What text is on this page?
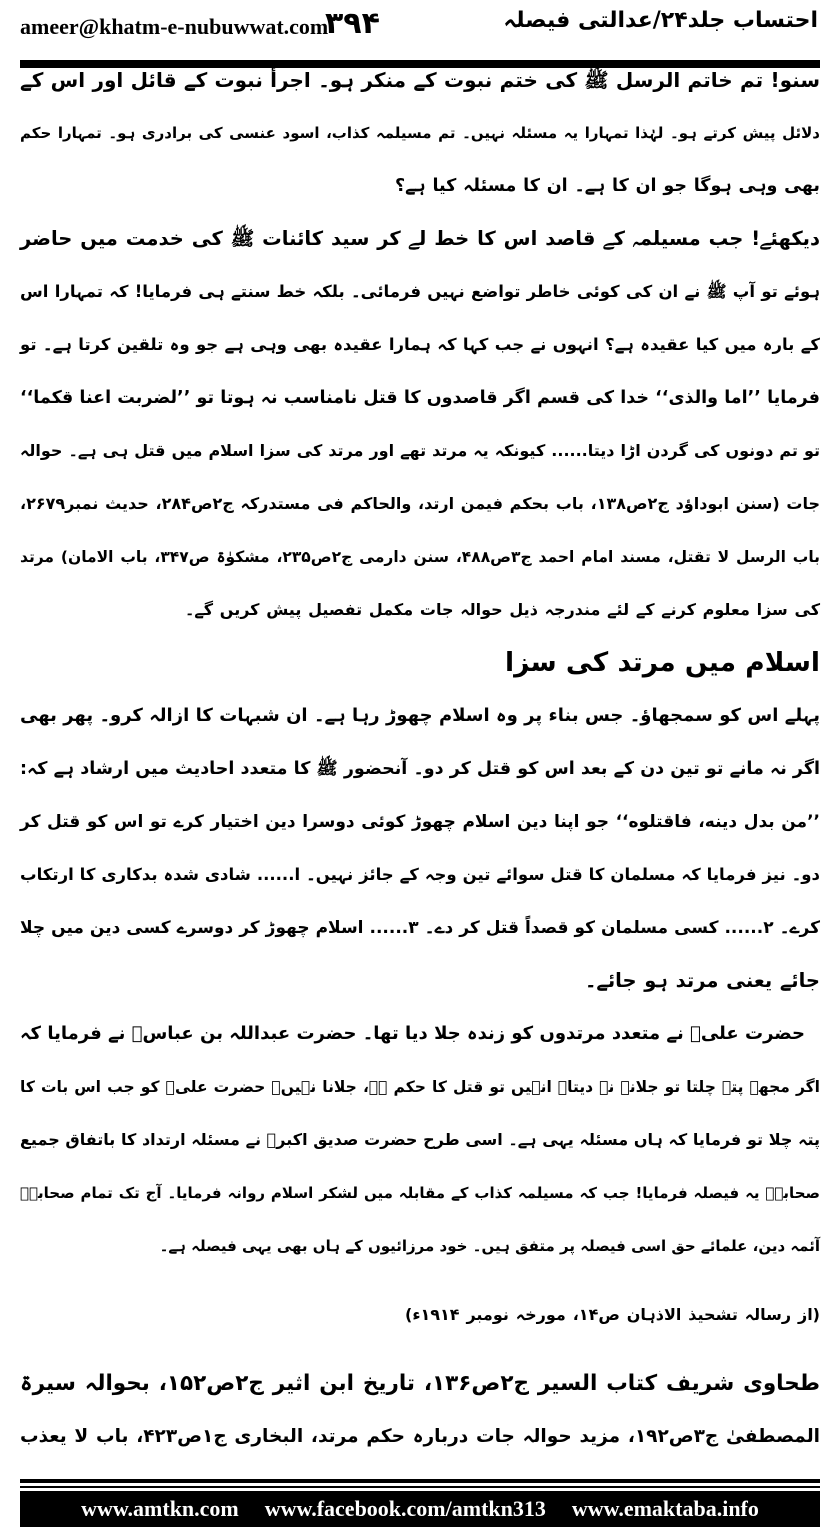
ameer@khatm-e-nubuwwat.com
۳۹۴	احتساب جلد۲۴/عدالتی فیصلہ
سنو! تم خاتم الرسل ﷺ کی ختم نبوت کے منکر ہو۔ اجرأ نبوت کے قائل اور اس کے
دلائل پیش کرتے ہو۔ لہٰذا تمہارا یہ مسئلہ نہیں۔ تم مسیلمہ کذاب، اسود عنسی کی برادری ہو۔ تمہارا حکم
بھی وہی ہوگا جو ان کا ہے۔ ان کا مسئلہ کیا ہے؟
دیکھئے! جب مسیلمہ کے قاصد اس کا خط لے کر سید کائنات ﷺ کی خدمت میں حاضر
ہوئے تو آپ ﷺ نے ان کی کوئی خاطر تواضع نہیں فرمائی۔ بلکہ خط سنتے ہی فرمایا! کہ تمہارا اس
کے بارہ میں کیا عقیدہ ہے؟ انہوں نے جب کہا کہ ہمارا عقیدہ بھی وہی ہے جو وہ تلقین کرتا ہے۔ تو
فرمایا ’’اما والذی‘‘ خدا کی قسم اگر قاصدوں کا قتل نامناسب نہ ہوتا تو ’’لضربت اعنا قکما‘‘
تو تم دونوں کی گردن اڑا دیتا...... کیونکہ یہ مرتد تھے اور مرتد کی سزا اسلام میں قتل ہی ہے۔ حوالہ
جات (سنن ابوداؤد ج۲ص۱۳۸، باب بحکم فیمن ارتد، والحاکم فی مستدرکہ ج۲ص۲۸۴، حدیث نمبر۲۶۷۹،
باب الرسل لا تقتل، مسند امام احمد ج۳ص۴۸۸، سنن دارمی ج۲ص۲۳۵، مشکوٰۃ ص۳۴۷، باب الامان) مرتد
کی سزا معلوم کرنے کے لئے مندرجہ ذیل حوالہ جات مکمل تفصیل پیش کریں گے۔
اسلام میں مرتد کی سزا
پہلے اس کو سمجھاؤ۔ جس بناء پر وہ اسلام چھوڑ رہا ہے۔ ان شبہات کا ازالہ کرو۔ پھر بھی
اگر نہ مانے تو تین دن کے بعد اس کو قتل کر دو۔ آنحضور ﷺ کا متعدد احادیث میں ارشاد ہے کہ:
’’من بدل دینه، فاقتلوه‘‘ جو اپنا دین اسلام چھوڑ کوئی دوسرا دین اختیار کرے تو اس کو قتل کر
دو۔ نیز فرمایا کہ مسلمان کا قتل سوائے تین وجہ کے جائز نہیں۔ ا...... شادی شدہ بدکاری کا ارتکاب
کرے۔ ۲...... کسی مسلمان کو قصداً قتل کر دے۔ ۳...... اسلام چھوڑ کر دوسرے کسی دین میں چلا
جائے یعنی مرتد ہو جائے۔
حضرت علیؓ نے متعدد مرتدوں کو زندہ جلا دیا تھا۔ حضرت عبداللہ بن عباسؓ نے فرمایا کہ
اگر مجھے پتہ چلتا تو جلانے نہ دیتا۔ انہیں تو قتل کا حکم ہے، جلانا نہیں۔ حضرت علیؓ کو جب اس بات کا
پتہ چلا تو فرمایا کہ ہاں مسئلہ یہی ہے۔ اسی طرح حضرت صدیق اکبرؓ نے مسئلہ ارتداد کا باتفاق جمیع
صحابہؓ یہ فیصلہ فرمایا! جب کہ مسیلمہ کذاب کے مقابلہ میں لشکر اسلام روانہ فرمایا۔ آج تک تمام صحابہؓ
آئمہ دین، علمائے حق اسی فیصلہ پر متفق ہیں۔ خود مرزائیوں کے ہاں بھی یہی فیصلہ ہے۔
(از رسالہ تشحیذ الاذہان ص۱۴، مورخہ نومبر ۱۹۱۴ء)
طحاوی شریف کتاب السیر ج۲ص۱۳۶، تاریخ ابن اثیر ج۲ص۱۵۲، بحوالہ سیرۃ
المصطفیٰ ج۳ص۱۹۲، مزید حوالہ جات دربارہ حکم مرتد، البخاری ج۱ص۴۲۳، باب لا یعذب
www.amtkn.com www.facebook.com/amtkn313 www.emaktaba.info
